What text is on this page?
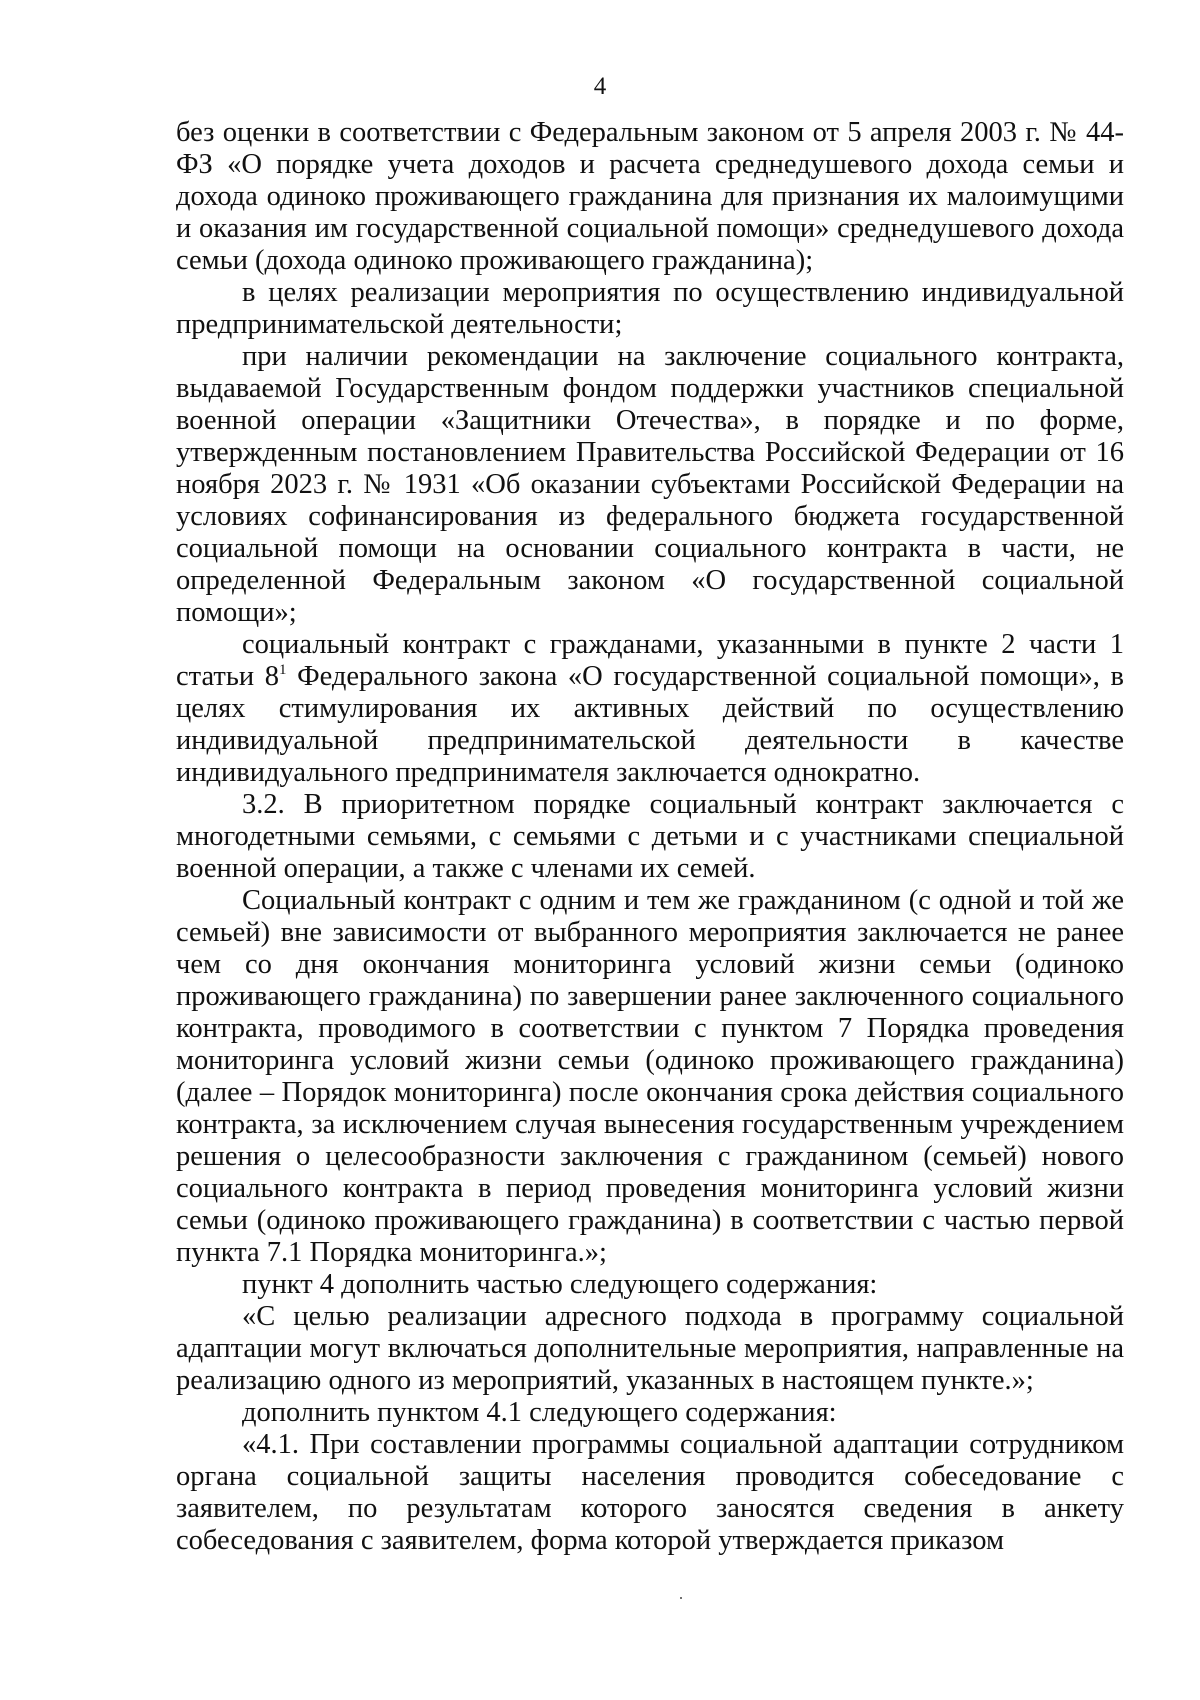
4

без оценки в соответствии с Федеральным законом от 5 апреля 2003 г. № 44-ФЗ «О порядке учета доходов и расчета среднедушевого дохода семьи и дохода одиноко проживающего гражданина для признания их малоимущими и оказания им государственной социальной помощи» среднедушевого дохода семьи (дохода одиноко проживающего гражданина);

в целях реализации мероприятия по осуществлению индивидуальной предпринимательской деятельности;

при наличии рекомендации на заключение социального контракта, выдаваемой Государственным фондом поддержки участников специальной военной операции «Защитники Отечества», в порядке и по форме, утвержденным постановлением Правительства Российской Федерации от 16 ноября 2023 г. № 1931 «Об оказании субъектами Российской Федерации на условиях софинансирования из федерального бюджета государственной социальной помощи на основании социального контракта в части, не определенной Федеральным законом «О государственной социальной помощи»;

социальный контракт с гражданами, указанными в пункте 2 части 1 статьи $8^1$ Федерального закона «О государственной социальной помощи», в целях стимулирования их активных действий по осуществлению индивидуальной предпринимательской деятельности в качестве индивидуального предпринимателя заключается однократно.

3.2. В приоритетном порядке социальный контракт заключается с многодетными семьями, с семьями с детьми и с участниками специальной военной операции, а также с членами их семей.

Социальный контракт с одним и тем же гражданином (с одной и той же семьей) вне зависимости от выбранного мероприятия заключается не ранее чем со дня окончания мониторинга условий жизни семьи (одиноко проживающего гражданина) по завершении ранее заключенного социального контракта, проводимого в соответствии с пунктом 7 Порядка проведения мониторинга условий жизни семьи (одиноко проживающего гражданина) (далее – Порядок мониторинга) после окончания срока действия социального контракта, за исключением случая вынесения государственным учреждением решения о целесообразности заключения с гражданином (семьей) нового социального контракта в период проведения мониторинга условий жизни семьи (одиноко проживающего гражданина) в соответствии с частью первой пункта 7.1 Порядка мониторинга.»;

пункт 4 дополнить частью следующего содержания:

«С целью реализации адресного подхода в программу социальной адаптации могут включаться дополнительные мероприятия, направленные на реализацию одного из мероприятий, указанных в настоящем пункте.»;

дополнить пунктом 4.1 следующего содержания:

«4.1. При составлении программы социальной адаптации сотрудником органа социальной защиты населения проводится собеседование с заявителем, по результатам которого заносятся сведения в анкету собеседования с заявителем, форма которой утверждается приказом
